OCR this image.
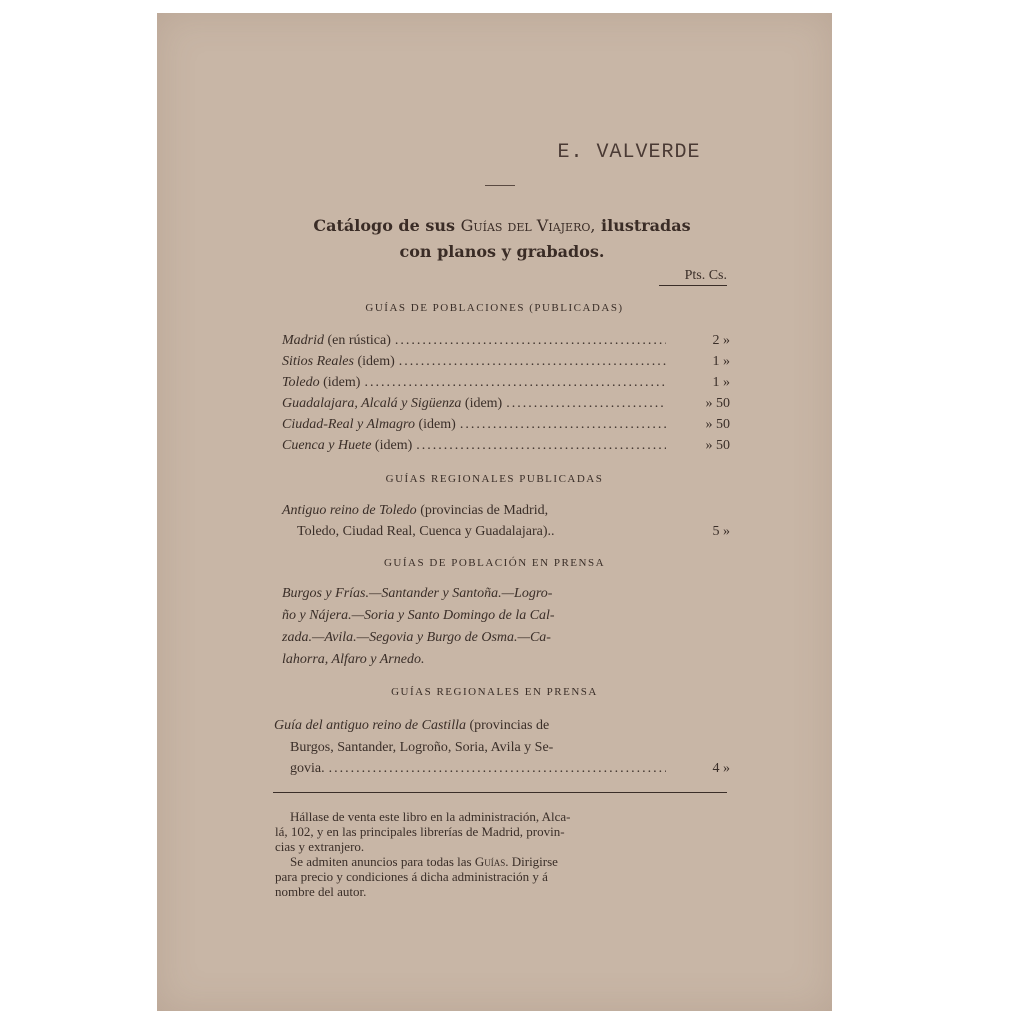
E. VALVERDE
Catálogo de sus Guías del Viajero, ilustradas
con planos y grabados.
Pts. Cs.
GUÍAS DE POBLACIONES (PUBLICADAS)
Madrid (en rústica) .....	2 »
Sitios Reales (idem) .....	1 »
Toledo (idem) .....	1 »
Guadalajara, Alcalá y Sigüenza (idem) .....	» 50
Ciudad-Real y Almagro (idem) .....	» 50
Cuenca y Huete (idem) .....	» 50
GUÍAS REGIONALES PUBLICADAS
Antiguo reino de Toledo (provincias de Madrid,
Toledo, Ciudad Real, Cuenca y Guadalajara)..	5 »
GUÍAS DE POBLACIÓN EN PRENSA
Burgos y Frías.—Santander y Santoña.—Logro-
ño y Nájera.—Soria y Santo Domingo de la Cal-
zada.—Avila.—Segovia y Burgo de Osma.—Ca-
lahorra, Alfaro y Arnedo.
GUÍAS REGIONALES EN PRENSA
Guía del antiguo reino de Castilla (provincias de
Burgos, Santander, Logroño, Soria, Avila y Se-
govia. .....	4 »
Hállase de venta este libro en la administración, Alca-
lá, 102, y en las principales librerías de Madrid, provin-
cias y extranjero.
Se admiten anuncios para todas las Guías. Dirigirse
para precio y condiciones á dicha administración y á
nombre del autor.
